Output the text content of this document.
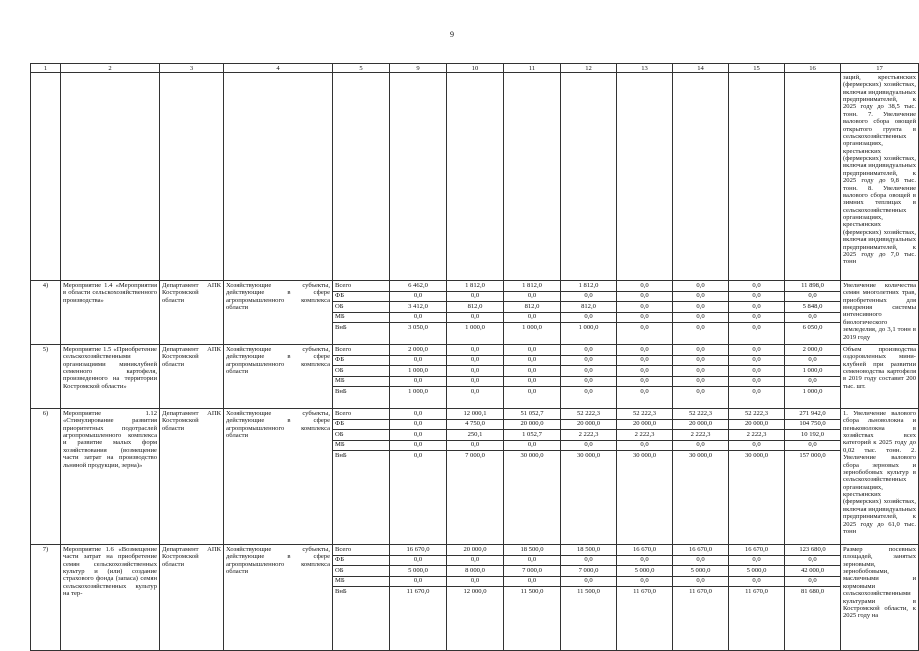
9
1	2	3	4	5	9	10	11	12	13	14	15	16	17
													заций, крестьянских (фермерских) хозяйствах, включая индивидуальных предпринимателей, к 2025 году до 38,5 тыс. тонн. 7. Увеличение валового сбора овощей открытого грунта в сельскохозяйственных организациях, крестьянских (фермерских) хозяйствах, включая индивидуальных предпринимателей, к 2025 году до 9,8 тыс. тонн. 8. Увеличение валового сбора овощей в зимних теплицах в сельскохозяйственных организациях, крестьянских (фермерских) хозяйствах, включая индивидуальных предпринимателей, к 2025 году до 7,0 тыс. тонн
4)	Мероприятие 1.4 «Мероприятия в области сельскохозяйственного производства»	Департамент АПК Костромской области	Хозяйствующие субъекты, действующие в сфере агропромышленного комплекса области	Всего	6 462,0	1 812,0	1 812,0	1 812,0	0,0	0,0	0,0	11 898,0	Увеличение количества семян многолетних трав, приобретенных для внедрения системы интенсивного биологического земледелия, до 3,1 тонн в 2019 году
				ФБ	0,0	0,0	0,0	0,0	0,0	0,0	0,0	0,0	
				ОБ	3 412,0	812,0	812,0	812,0	0,0	0,0	0,0	5 848,0	
				МБ	0,0	0,0	0,0	0,0	0,0	0,0	0,0	0,0	
				ВнБ	3 050,0	1 000,0	1 000,0	1 000,0	0,0	0,0	0,0	6 050,0	
5)	Мероприятие 1.5 «Приобретение сельскохозяйственными организациями миниклубней семенного картофеля, произведенного на территории Костромской области»	Департамент АПК Костромской области	Хозяйствующие субъекты, действующие в сфере агропромышленного комплекса области	Всего	2 000,0	0,0	0,0	0,0	0,0	0,0	0,0	2 000,0	Объем производства оздоровленных мини-клубней при развитии семеноводства картофеля в 2019 году составит 200 тыс. шт.
				ФБ	0,0	0,0	0,0	0,0	0,0	0,0	0,0	0,0	
				ОБ	1 000,0	0,0	0,0	0,0	0,0	0,0	0,0	1 000,0	
				МБ	0,0	0,0	0,0	0,0	0,0	0,0	0,0	0,0	
				ВнБ	1 000,0	0,0	0,0	0,0	0,0	0,0	0,0	1 000,0	
6)	Мероприятие 1.12 «Стимулирование развития приоритетных подотраслей агропромышленного комплекса и развитие малых форм хозяйствования (возмещение части затрат на производство льняной продукции, зерна)»	Департамент АПК Костромской области	Хозяйствующие субъекты, действующие в сфере агропромышленного комплекса области	Всего	0,0	12 000,1	51 052,7	52 222,3	52 222,3	52 222,3	52 222,3	271 942,0	1. Увеличение валового сбора льноволокна и пеньковолокна в хозяйствах всех категорий к 2025 году до 0,02 тыс. тонн. 2. Увеличение валового сбора зерновых и зернобобовых культур в сельскохозяйственных организациях, крестьянских (фермерских) хозяйствах, включая индивидуальных предпринимателей, к 2025 году до 61,0 тыс. тонн
				ФБ	0,0	4 750,0	20 000,0	20 000,0	20 000,0	20 000,0	20 000,0	104 750,0	
				ОБ	0,0	250,1	1 052,7	2 222,3	2 222,3	2 222,3	2 222,3	10 192,0	
				МБ	0,0	0,0	0,0	0,0	0,0	0,0	0,0	0,0	
				ВнБ	0,0	7 000,0	30 000,0	30 000,0	30 000,0	30 000,0	30 000,0	157 000,0	
7)	Мероприятие 1.6 «Возмещение части затрат на приобретение семян сельскохозяйственных культур и (или) создание страхового фонда (запаса) семян сельскохозяйственных культур на тер-	Департамент АПК Костромской области	Хозяйствующие субъекты, действующие в сфере агропромышленного комплекса области	Всего	16 670,0	20 000,0	18 500,0	18 500,0	16 670,0	16 670,0	16 670,0	123 680,0	Размер посевных площадей, занятых зерновыми, зернобобовыми, масличными и кормовыми сельскохозяйственными культурами в Костромской области, к 2025 году на
				ФБ	0,0	0,0	0,0	0,0	0,0	0,0	0,0	0,0	
				ОБ	5 000,0	8 000,0	7 000,0	7 000,0	5 000,0	5 000,0	5 000,0	42 000,0	
				МБ	0,0	0,0	0,0	0,0	0,0	0,0	0,0	0,0	
				ВнБ	11 670,0	12 000,0	11 500,0	11 500,0	11 670,0	11 670,0	11 670,0	81 680,0	
